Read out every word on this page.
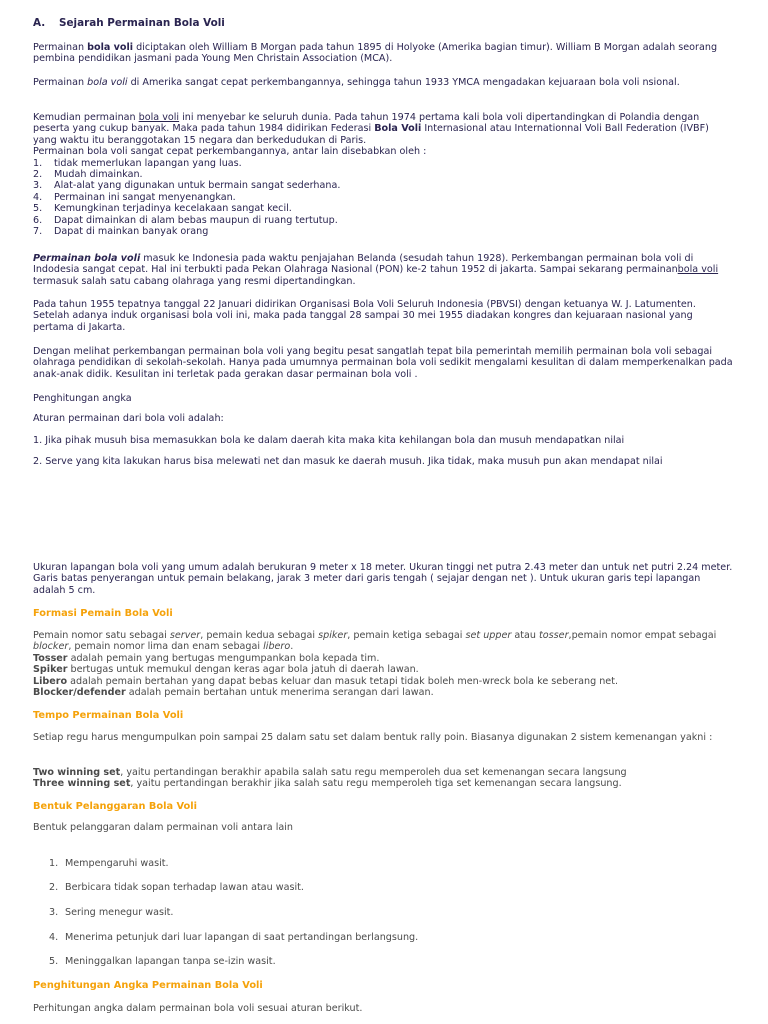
A. Sejarah Permainan Bola Voli

Permainan bola voli diciptakan oleh William B Morgan pada tahun 1895 di Holyoke (Amerika bagian timur). William B Morgan adalah seorang pembina pendidikan jasmani pada Young Men Christain Association (MCA).

Permainan bola voli di Amerika sangat cepat perkembangannya, sehingga tahun 1933 YMCA mengadakan kejuaraan bola voli nsional.

Kemudian permainan bola voli ini menyebar ke seluruh dunia. Pada tahun 1974 pertama kali bola voli dipertandingkan di Polandia dengan peserta yang cukup banyak. Maka pada tahun 1984 didirikan Federasi Bola Voli Internasional atau Internationnal Voli Ball Federation (IVBF) yang waktu itu beranggotakan 15 negara dan berkedudukan di Paris.

Permainan bola voli sangat cepat perkembangannya, antar lain disebabkan oleh :

1.	tidak memerlukan lapangan yang luas.
2.	Mudah dimainkan.
3.	Alat-alat yang digunakan untuk bermain sangat sederhana.
4.	Permainan ini sangat menyenangkan.
5.	Kemungkinan terjadinya kecelakaan sangat kecil.
6.	Dapat dimainkan di alam bebas maupun di ruang tertutup.
7.	Dapat di mainkan banyak orang

Permainan bola voli masuk ke Indonesia pada waktu penjajahan Belanda (sesudah tahun 1928). Perkembangan permainan bola voli di Indodesia sangat cepat. Hal ini terbukti pada Pekan Olahraga Nasional (PON) ke-2 tahun 1952 di jakarta. Sampai sekarang permainanbola voli termasuk salah satu cabang olahraga yang resmi dipertandingkan.

Pada tahun 1955 tepatnya tanggal 22 Januari didirikan Organisasi Bola Voli Seluruh Indonesia (PBVSI) dengan ketuanya W. J. Latumenten. Setelah adanya induk organisasi bola voli ini, maka pada tanggal 28 sampai 30 mei 1955 diadakan kongres dan kejuaraan nasional yang pertama di Jakarta.

Dengan melihat perkembangan permainan bola voli yang begitu pesat sangatlah tepat bila pemerintah memilih permainan bola voli sebagai olahraga pendidikan di sekolah-sekolah. Hanya pada umumnya permainan bola voli sedikit mengalami kesulitan di dalam memperkenalkan pada anak-anak didik. Kesulitan ini terletak pada gerakan dasar permainan bola voli .

Penghitungan angka

Aturan permainan dari bola voli adalah:

1. Jika pihak musuh bisa memasukkan bola ke dalam daerah kita maka kita kehilangan bola dan musuh mendapatkan nilai

2. Serve yang kita lakukan harus bisa melewati net dan masuk ke daerah musuh. Jika tidak, maka musuh pun akan mendapat nilai

Ukuran lapangan bola voli yang umum adalah berukuran 9 meter x 18 meter. Ukuran tinggi net putra 2.43 meter dan untuk net putri 2.24 meter. Garis batas penyerangan untuk pemain belakang, jarak 3 meter dari garis tengah ( sejajar dengan net ). Untuk ukuran garis tepi lapangan adalah 5 cm.

Formasi Pemain Bola Voli

Pemain nomor satu sebagai server, pemain kedua sebagai spiker, pemain ketiga sebagai set upper atau tosser,pemain nomor empat sebagai blocker, pemain nomor lima dan enam sebagai libero.

Tosser adalah pemain yang bertugas mengumpankan bola kepada tim.

Spiker bertugas untuk memukul dengan keras agar bola jatuh di daerah lawan.

Libero adalah pemain bertahan yang dapat bebas keluar dan masuk tetapi tidak boleh men-wreck bola ke seberang net.

Blocker/defender adalah pemain bertahan untuk menerima serangan dari lawan.

Tempo Permainan Bola Voli

Setiap regu harus mengumpulkan poin sampai 25 dalam satu set dalam bentuk rally poin. Biasanya digunakan 2 sistem kemenangan yakni :

Two winning set, yaitu pertandingan berakhir apabila salah satu regu memperoleh dua set kemenangan secara langsung

Three winning set, yaitu pertandingan berakhir jika salah satu regu memperoleh tiga set kemenangan secara langsung.

Bentuk Pelanggaran Bola Voli

Bentuk pelanggaran dalam permainan voli antara lain

1. Mempengaruhi wasit.
2. Berbicara tidak sopan terhadap lawan atau wasit.
3. Sering menegur wasit.
4. Menerima petunjuk dari luar lapangan di saat pertandingan berlangsung.
5. Meninggalkan lapangan tanpa se-izin wasit.

Penghitungan Angka Permainan Bola Voli

Perhitungan angka dalam permainan bola voli sesuai aturan berikut.
